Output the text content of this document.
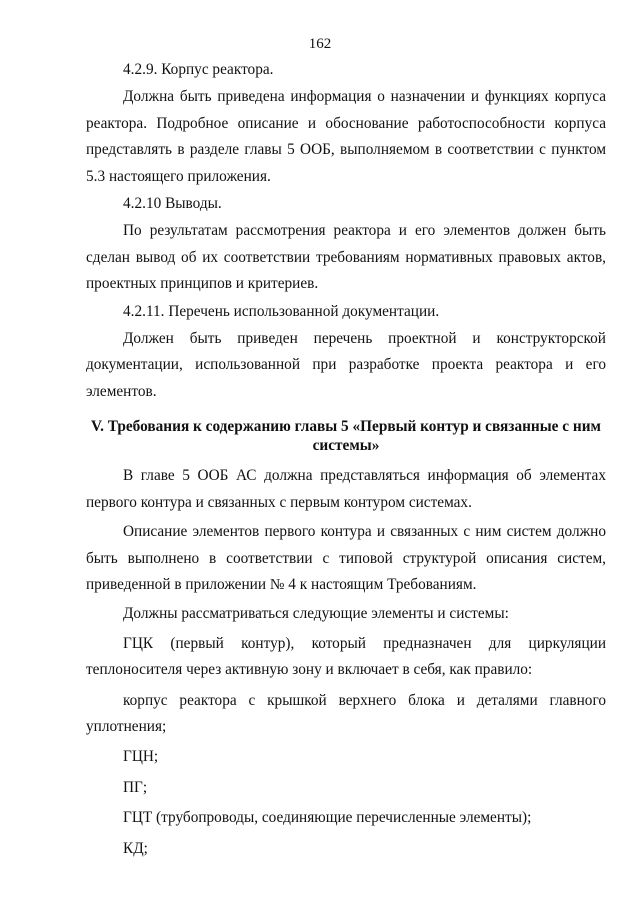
162

4.2.9. Корпус реактора.

Должна быть приведена информация о назначении и функциях корпуса реактора. Подробное описание и обоснование работоспособности корпуса представлять в разделе главы 5 ООБ, выполняемом в соответствии с пунктом 5.3 настоящего приложения.

4.2.10 Выводы.

По результатам рассмотрения реактора и его элементов должен быть сделан вывод об их соответствии требованиям нормативных правовых актов, проектных принципов и критериев.

4.2.11. Перечень использованной документации.

Должен быть приведен перечень проектной и конструкторской документации, использованной при разработке проекта реактора и его элементов.

V. Требования к содержанию главы 5 «Первый контур и связанные с ним системы»

В главе 5 ООБ АС должна представляться информация об элементах первого контура и связанных с первым контуром системах.

Описание элементов первого контура и связанных с ним систем должно быть выполнено в соответствии с типовой структурой описания систем, приведенной в приложении № 4 к настоящим Требованиям.

Должны рассматриваться следующие элементы и системы:

ГЦК (первый контур), который предназначен для циркуляции теплоносителя через активную зону и включает в себя, как правило:

корпус реактора с крышкой верхнего блока и деталями главного уплотнения;

ГЦН;

ПГ;

ГЦТ (трубопроводы, соединяющие перечисленные элементы);

КД;
